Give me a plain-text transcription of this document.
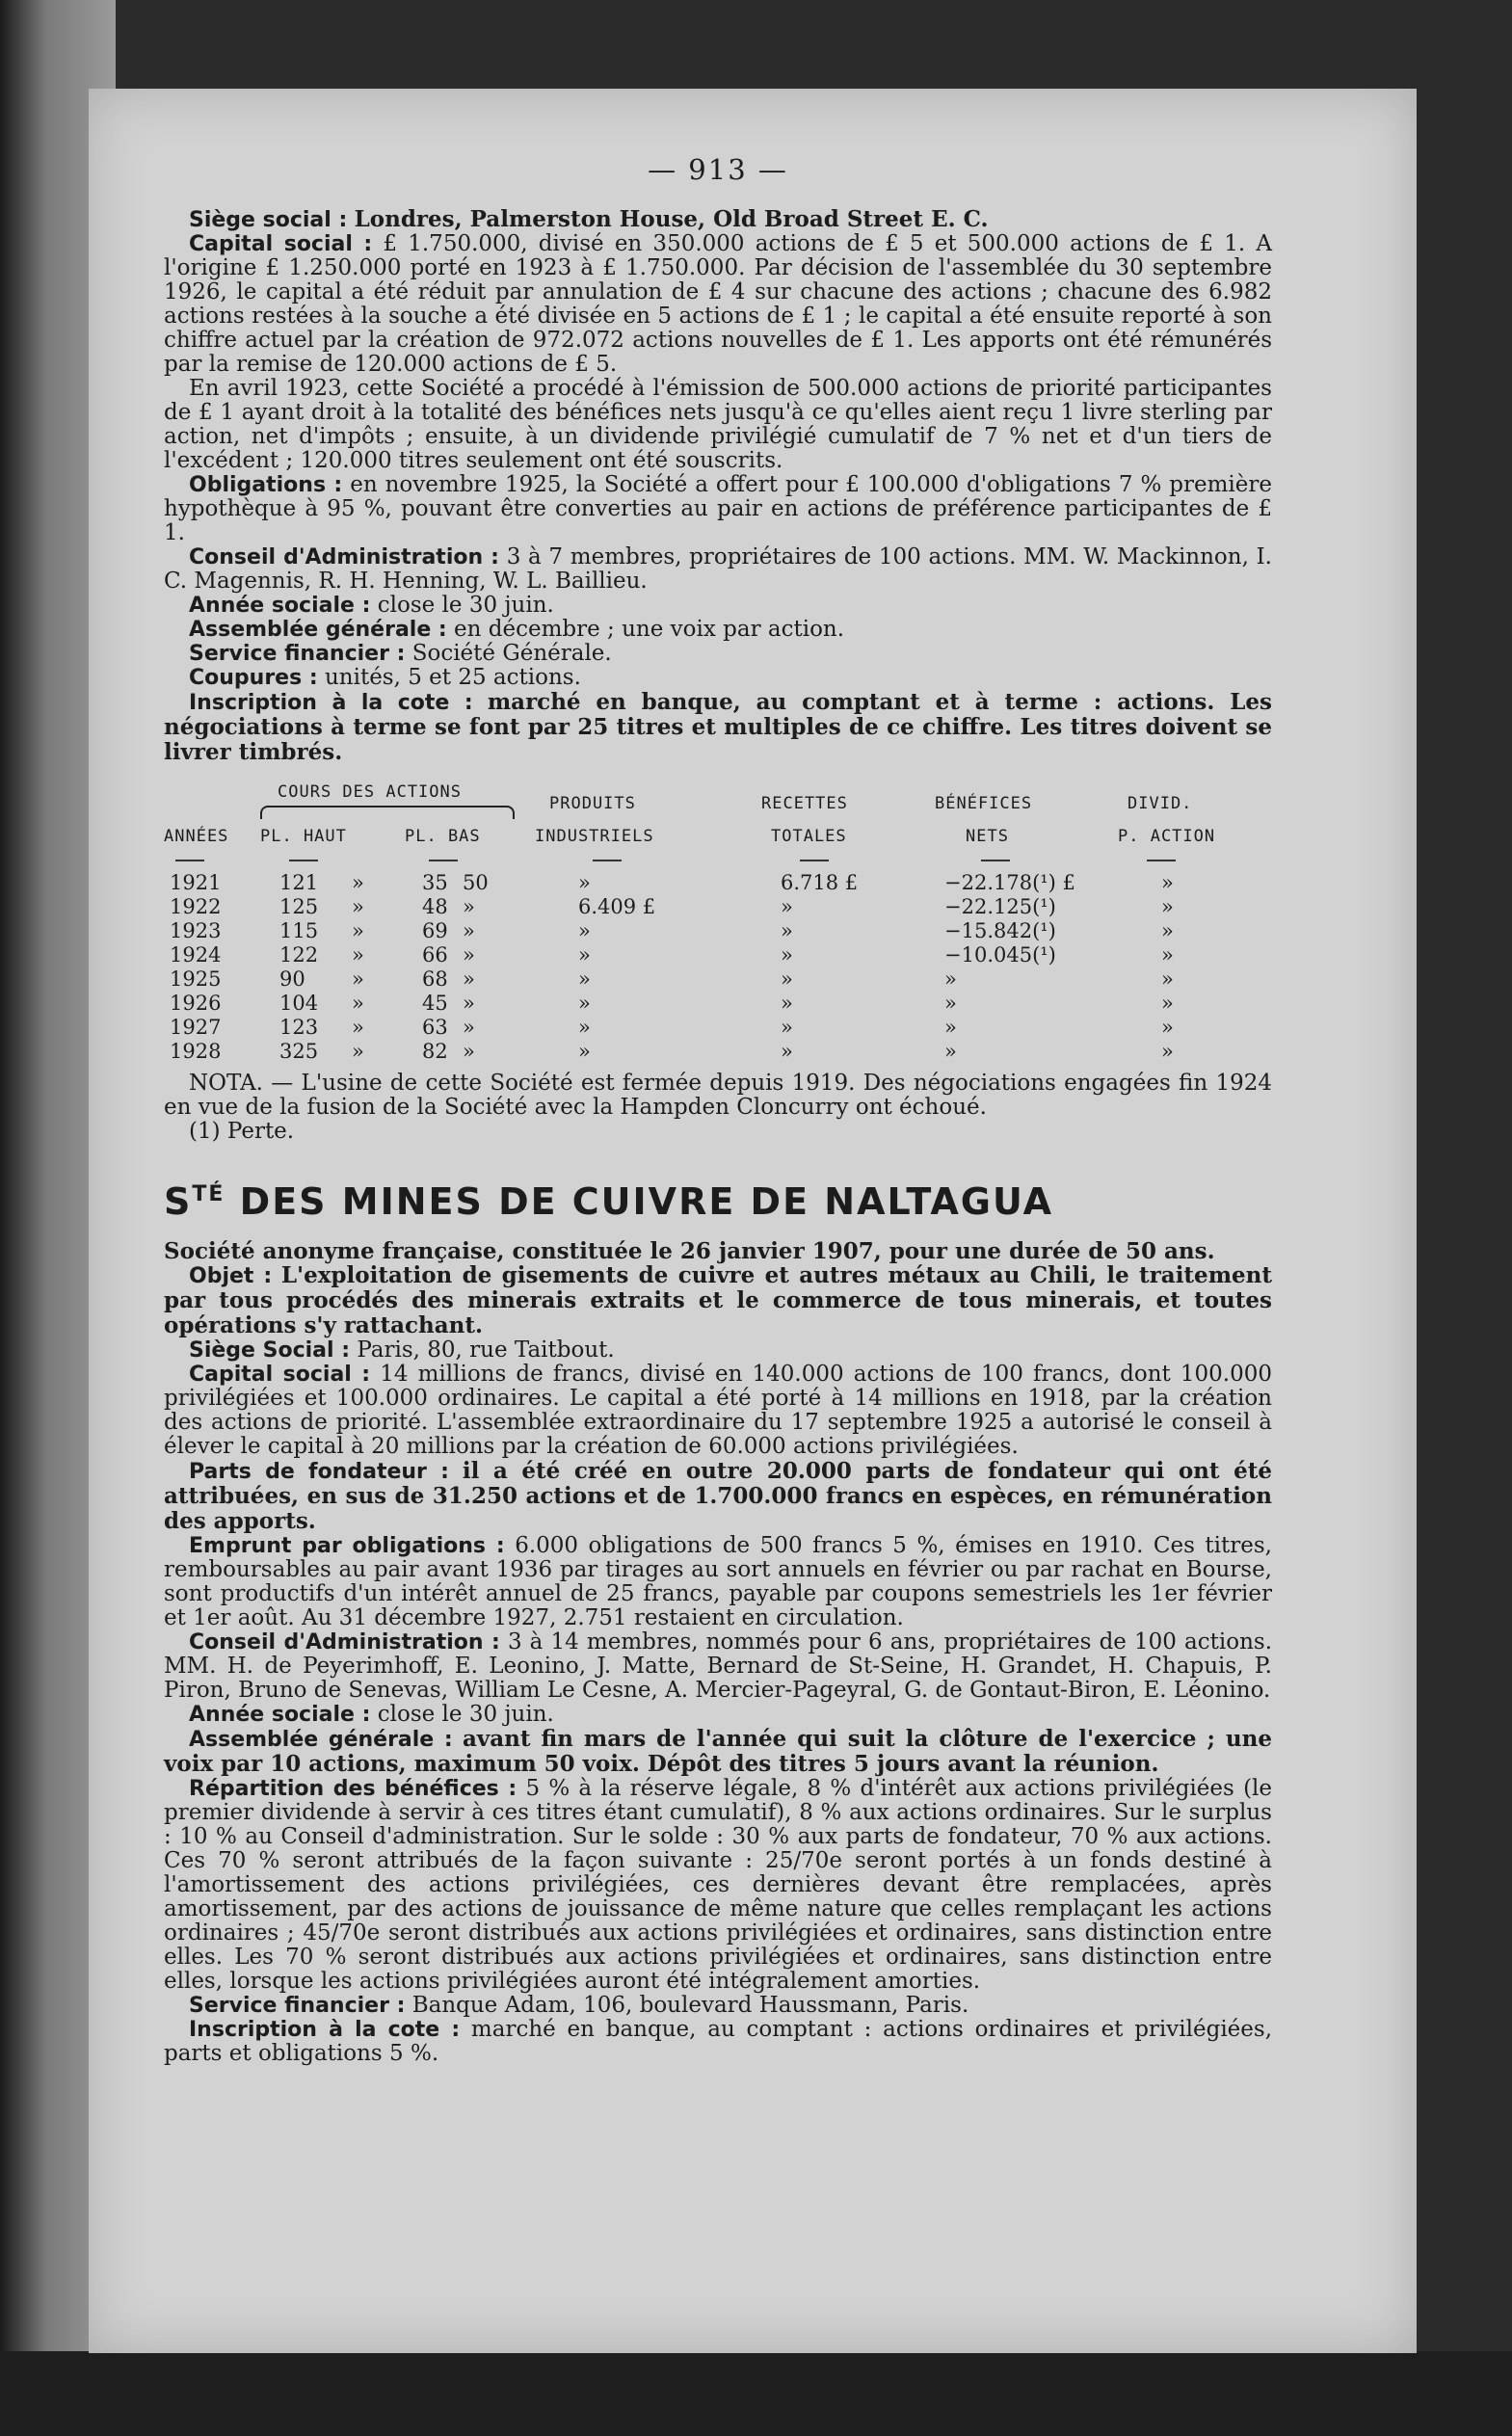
— 913 —

Siège social : Londres, Palmerston House, Old Broad Street E. C.

Capital social : £ 1.750.000, divisé en 350.000 actions de £ 5 et 500.000 actions de £ 1. A l'origine £ 1.250.000 porté en 1923 à £ 1.750.000. Par décision de l'assemblée du 30 septembre 1926, le capital a été réduit par annulation de £ 4 sur chacune des actions ; chacune des 6.982 actions restées à la souche a été divisée en 5 actions de £ 1 ; le capital a été ensuite reporté à son chiffre actuel par la création de 972.072 actions nouvelles de £ 1. Les apports ont été rémunérés par la remise de 120.000 actions de £ 5.

En avril 1923, cette Société a procédé à l'émission de 500.000 actions de priorité participantes de £ 1 ayant droit à la totalité des bénéfices nets jusqu'à ce qu'elles aient reçu 1 livre sterling par action, net d'impôts ; ensuite, à un dividende privilégié cumulatif de 7 % net et d'un tiers de l'excédent ; 120.000 titres seulement ont été souscrits.

Obligations : en novembre 1925, la Société a offert pour £ 100.000 d'obligations 7 % première hypothèque à 95 %, pouvant être converties au pair en actions de préférence participantes de £ 1.

Conseil d'Administration : 3 à 7 membres, propriétaires de 100 actions. MM. W. Mackinnon, I. C. Magennis, R. H. Henning, W. L. Baillieu.

Année sociale : close le 30 juin.

Assemblée générale : en décembre ; une voix par action.

Service financier : Société Générale.

Coupures : unités, 5 et 25 actions.

Inscription à la cote : marché en banque, au comptant et à terme : actions. Les négociations à terme se font par 25 titres et multiples de ce chiffre. Les titres doivent se livrer timbrés.

COURS DES ACTIONS
PRODUITS	RECETTES	BÉNÉFICES	DIVID.
ANNÉES PL. HAUT	PL. BAS	INDUSTRIELS	TOTALES	NETS	P. ACTION
1921	121 »	35 50	»	6.718 £	−22.178(¹) £	»
1922	125 »	48 »	6.409 £	»	−22.125(¹)	»
1923	115 »	69 »	»	»	−15.842(¹)	»
1924	122 »	66 »	»	»	−10.045(¹)	»
1925	90 »	68 »	»	»	»	»
1926	104 »	45 »	»	»	»	»
1927	123 »	63 »	»	»	»	»
1928	325 »	82 »	»	»	»	»

NOTA. — L'usine de cette Société est fermée depuis 1919. Des négociations engagées fin 1924 en vue de la fusion de la Société avec la Hampden Cloncurry ont échoué.

(1) Perte.

$S^{TÉ}$ DES MINES DE CUIVRE DE NALTAGUA

Société anonyme française, constituée le 26 janvier 1907, pour une durée de 50 ans.

Objet : L'exploitation de gisements de cuivre et autres métaux au Chili, le traitement par tous procédés des minerais extraits et le commerce de tous minerais, et toutes opérations s'y rattachant.

Siège Social : Paris, 80, rue Taitbout.

Capital social : 14 millions de francs, divisé en 140.000 actions de 100 francs, dont 100.000 privilégiées et 100.000 ordinaires. Le capital a été porté à 14 millions en 1918, par la création des actions de priorité. L'assemblée extraordinaire du 17 septembre 1925 a autorisé le conseil à élever le capital à 20 millions par la création de 60.000 actions privilégiées.

Parts de fondateur : il a été créé en outre 20.000 parts de fondateur qui ont été attribuées, en sus de 31.250 actions et de 1.700.000 francs en espèces, en rémunération des apports.

Emprunt par obligations : 6.000 obligations de 500 francs 5 %, émises en 1910. Ces titres, remboursables au pair avant 1936 par tirages au sort annuels en février ou par rachat en Bourse, sont productifs d'un intérêt annuel de 25 francs, payable par coupons semestriels les 1er février et 1er août. Au 31 décembre 1927, 2.751 restaient en circulation.

Conseil d'Administration : 3 à 14 membres, nommés pour 6 ans, propriétaires de 100 actions. MM. H. de Peyerimhoff, E. Leonino, J. Matte, Bernard de St-Seine, H. Grandet, H. Chapuis, P. Piron, Bruno de Senevas, William Le Cesne, A. Mercier-Pageyral, G. de Gontaut-Biron, E. Léonino.

Année sociale : close le 30 juin.

Assemblée générale : avant fin mars de l'année qui suit la clôture de l'exercice ; une voix par 10 actions, maximum 50 voix. Dépôt des titres 5 jours avant la réunion.

Répartition des bénéfices : 5 % à la réserve légale, 8 % d'intérêt aux actions privilégiées (le premier dividende à servir à ces titres étant cumulatif), 8 % aux actions ordinaires. Sur le surplus : 10 % au Conseil d'administration. Sur le solde : 30 % aux parts de fondateur, 70 % aux actions. Ces 70 % seront attribués de la façon suivante : 25/70e seront portés à un fonds destiné à l'amortissement des actions privilégiées, ces dernières devant être remplacées, après amortissement, par des actions de jouissance de même nature que celles remplaçant les actions ordinaires ; 45/70e seront distribués aux actions privilégiées et ordinaires, sans distinction entre elles. Les 70 % seront distribués aux actions privilégiées et ordinaires, sans distinction entre elles, lorsque les actions privilégiées auront été intégralement amorties.

Service financier : Banque Adam, 106, boulevard Haussmann, Paris.

Inscription à la cote : marché en banque, au comptant : actions ordinaires et privilégiées, parts et obligations 5 %.
